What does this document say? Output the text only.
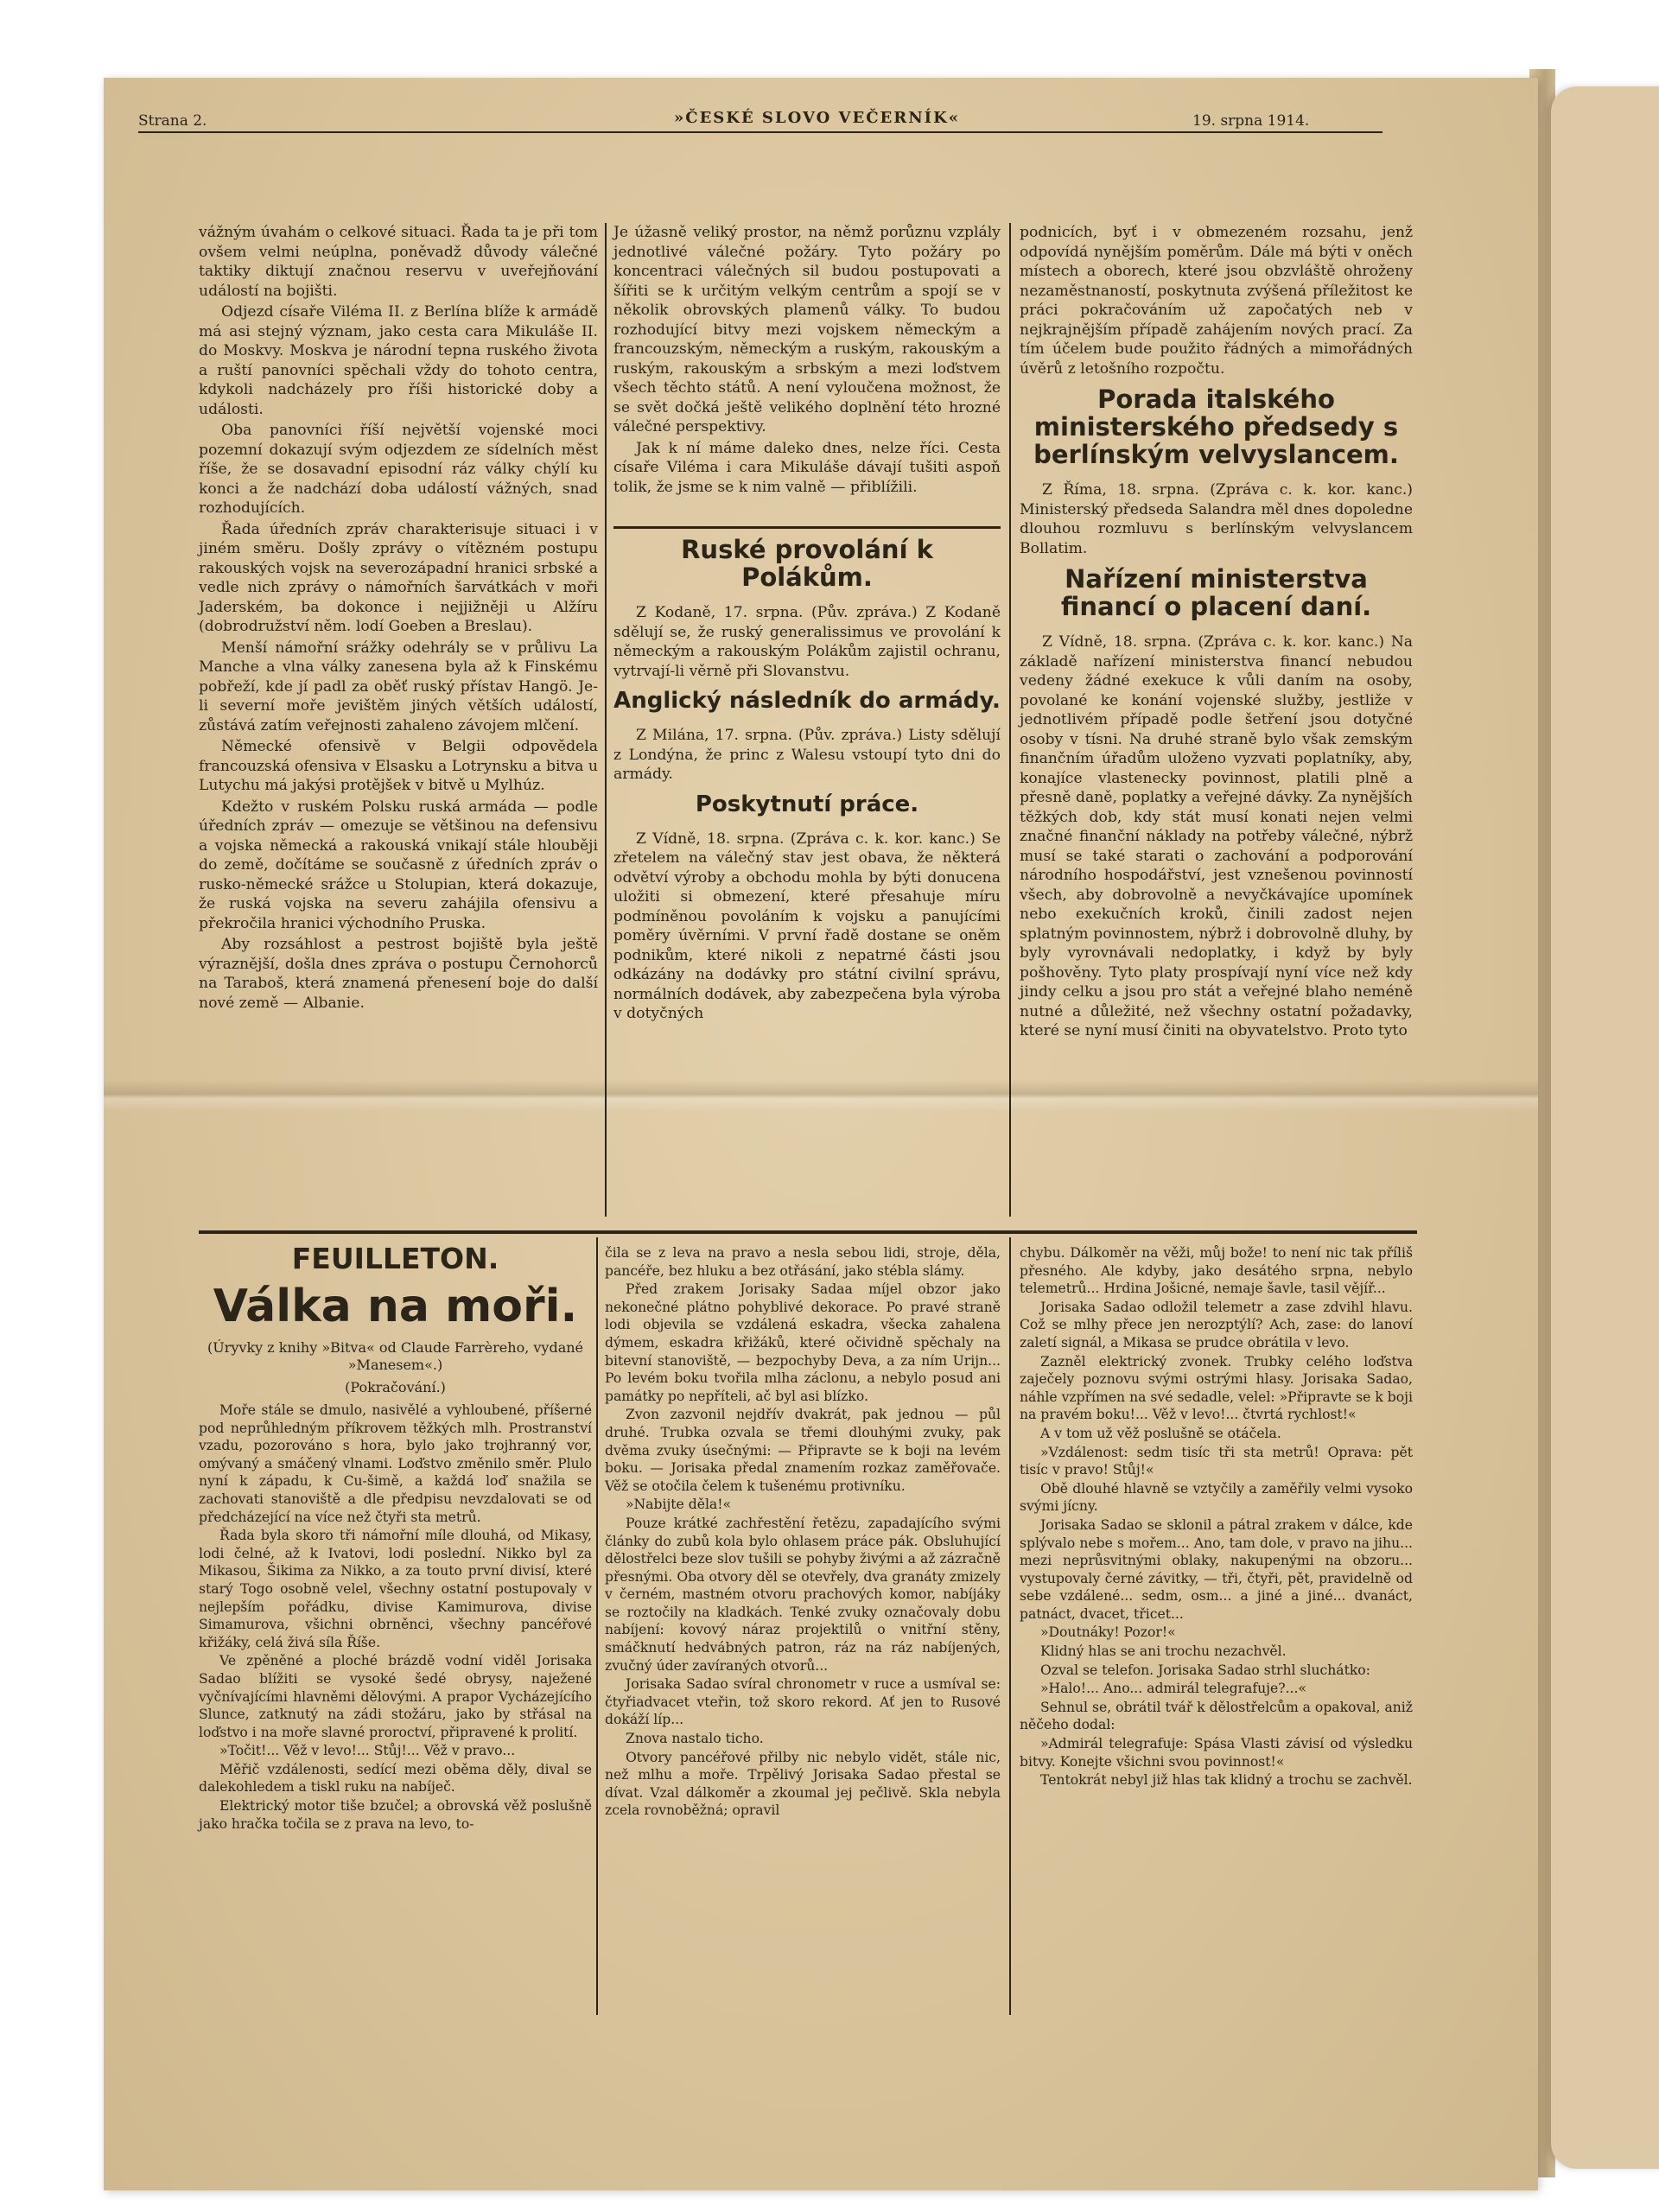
Strana 2.	»ČESKÉ SLOVO VEČERNÍK«	19. srpna 1914.

vážným úvahám o celkové situaci. Řada ta je při tom ovšem velmi neúplna, poněvadž důvody válečné taktiky diktují značnou reservu v uveřejňování událostí na bojišti.

Odjezd císaře Viléma II. z Berlína blíže k armádě má asi stejný význam, jako cesta cara Mikuláše II. do Moskvy. Moskva je národní tepna ruského života a ruští panovníci spěchali vždy do tohoto centra, kdykoli nadcházely pro říši historické doby a události.

Oba panovníci říší největší vojenské moci pozemní dokazují svým odjezdem ze sídelních měst říše, že se dosavadní episodní ráz války chýlí ku konci a že nadchází doba událostí vážných, snad rozhodujících.

Řada úředních zpráv charakterisuje situaci i v jiném směru. Došly zprávy o vítězném postupu rakouských vojsk na severozápadní hranici srbské a vedle nich zprávy o námořních šarvátkách v moři Jaderském, ba dokonce i nejjižněji u Alžíru (dobrodružství něm. lodí Goeben a Breslau).

Menší námořní srážky odehrály se v průlivu La Manche a vlna války zanesena byla až k Finskému pobřeží, kde jí padl za oběť ruský přístav Hangö. Je-li severní moře jevištěm jiných větších událostí, zůstává zatím veřejnosti zahaleno závojem mlčení.

Německé ofensivě v Belgii odpovědela francouzská ofensiva v Elsasku a Lotrynsku a bitva u Lutychu má jakýsi protějšek v bitvě u Mylhúz.

Kdežto v ruském Polsku ruská armáda — podle úředních zpráv — omezuje se většinou na defensivu a vojska německá a rakouská vnikají stále hlouběji do země, dočítáme se současně z úředních zpráv o rusko-německé srážce u Stolupian, která dokazuje, že ruská vojska na severu zahájila ofensivu a překročila hranici východního Pruska.

Aby rozsáhlost a pestrost bojiště byla ještě výraznější, došla dnes zpráva o postupu Černohorců na Taraboš, která znamená přenesení boje do další nové země — Albanie.

Je úžasně veliký prostor, na němž porůznu vzplály jednotlivé válečné požáry. Tyto požáry po koncentraci válečných sil budou postupovati a šířiti se k určitým velkým centrům a spojí se v několik obrovských plamenů války. To budou rozhodující bitvy mezi vojskem německým a francouzským, německým a ruským, rakouským a ruským, rakouským a srbským a mezi loďstvem všech těchto států. A není vyloučena možnost, že se svět dočká ještě velikého doplnění této hrozné válečné perspektivy.

Jak k ní máme daleko dnes, nelze říci. Cesta císaře Viléma i cara Mikuláše dávají tušiti aspoň tolik, že jsme se k nim valně — přiblížili.

Ruské provolání k Polákům.

Z Kodaně, 17. srpna. (Pův. zpráva.) Z Kodaně sdělují se, že ruský generalissimus ve provolání k německým a rakouským Polákům zajistil ochranu, vytrvají-li věrně při Slovanstvu.

Anglický následník do armády.

Z Milána, 17. srpna. (Pův. zpráva.) Listy sdělují z Londýna, že princ z Walesu vstoupí tyto dni do armády.

Poskytnutí práce.

Z Vídně, 18. srpna. (Zpráva c. k. kor. kanc.) Se zřetelem na válečný stav jest obava, že některá odvětví výroby a obchodu mohla by býti donucena uložiti si obmezení, které přesahuje míru podmíněnou povoláním k vojsku a panujícími poměry úvěrními. V první řadě dostane se oněm podnikům, které nikoli z nepatrné části jsou odkázány na dodávky pro státní civilní správu, normálních dodávek, aby zabezpečena byla výroba v dotyčných

podnicích, byť i v obmezeném rozsahu, jenž odpovídá nynějším poměrům. Dále má býti v oněch místech a oborech, které jsou obzvláště ohroženy nezaměstnaností, poskytnuta zvýšená příležitost ke práci pokračováním už započatých neb v nejkrajnějším případě zahájením nových prací. Za tím účelem bude použito řádných a mimořádných úvěrů z letošního rozpočtu.

Porada italského ministerského předsedy s berlínským velvyslancem.

Z Říma, 18. srpna. (Zpráva c. k. kor. kanc.) Ministerský předseda Salandra měl dnes dopoledne dlouhou rozmluvu s berlínským velvyslancem Bollatim.

Nařízení ministerstva financí o placení daní.

Z Vídně, 18. srpna. (Zpráva c. k. kor. kanc.) Na základě nařízení ministerstva financí nebudou vedeny žádné exekuce k vůli daním na osoby, povolané ke konání vojenské služby, jestliže v jednotlivém případě podle šetření jsou dotyčné osoby v tísni. Na druhé straně bylo však zemským finančním úřadům uloženo vyzvati poplatníky, aby, konajíce vlastenecky povinnost, platili plně a přesně daně, poplatky a veřejné dávky. Za nynějších těžkých dob, kdy stát musí konati nejen velmi značné finanční náklady na potřeby válečné, nýbrž musí se také starati o zachování a podporování národního hospodářství, jest vznešenou povinností všech, aby dobrovolně a nevyčkávajíce upomínek nebo exekučních kroků, činili zadost nejen splatným povinnostem, nýbrž i dobrovolně dluhy, by byly vyrovnávali nedoplatky, i když by byly pošhověny. Tyto platy prospívají nyní více než kdy jindy celku a jsou pro stát a veřejné blaho neméně nutné a důležité, než všechny ostatní požadavky, které se nyní musí činiti na obyvatelstvo. Proto tyto

FEUILLETON.
Válka na moři.
(Úryvky z knihy »Bitva« od Claude Farrèreho, vydané »Manesem«.)
(Pokračování.)

Moře stále se dmulo, nasivělé a vyhloubené, příšerné pod neprůhledným příkrovem těžkých mlh. Prostranství vzadu, pozorováno s hora, bylo jako trojhranný vor, omývaný a smáčený vlnami. Loďstvo změnilo směr. Plulo nyní k západu, k Cu-šimě, a každá loď snažila se zachovati stanoviště a dle předpisu nevzdalovati se od předcházející na více než čtyři sta metrů.

Řada byla skoro tři námořní míle dlouhá, od Mikasy, lodi čelné, až k Ivatovi, lodi poslední. Nikko byl za Mikasou, Šikima za Nikko, a za touto první divisí, které starý Togo osobně velel, všechny ostatní postupovaly v nejlepším pořádku, divise Kamimurova, divise Simamurova, všichni obrněnci, všechny pancéřové křižáky, celá živá síla Říše.

Ve zpěněné a ploché brázdě vodní viděl Jorisaka Sadao blížiti se vysoké šedé obrysy, naježené vyčnívajícími hlavněmi dělovými. A prapor Vycházejícího Slunce, zatknutý na zádi stožáru, jako by střásal na loďstvo i na moře slavné proroctví, připravené k prolití.

»Točit!... Věž v levo!... Stůj!... Věž v pravo...

Měřič vzdálenosti, sedící mezi oběma děly, dival se dalekohledem a tiskl ruku na nabíječ.

Elektrický motor tiše bzučel; a obrovská věž poslušně jako hračka točila se z prava na levo, to-

čila se z leva na pravo a nesla sebou lidi, stroje, děla, pancéře, bez hluku a bez otřásání, jako stébla slámy.

Před zrakem Jorisaky Sadaa míjel obzor jako nekonečné plátno pohyblivé dekorace. Po pravé straně lodi objevila se vzdálená eskadra, všecka zahalena dýmem, eskadra křižáků, které očividně spěchaly na bitevní stanoviště, — bezpochyby Deva, a za ním Urijn... Po levém boku tvořila mlha záclonu, a nebylo posud ani památky po nepříteli, ač byl asi blízko.

Zvon zazvonil nejdřív dvakrát, pak jednou — půl druhé. Trubka ozvala se třemi dlouhými zvuky, pak dvěma zvuky úsečnými: — Připravte se k boji na levém boku. — Jorisaka předal znamením rozkaz zaměřovače. Věž se otočila čelem k tušenému protivníku.

»Nabijte děla!«

Pouze krátké zachřestění řetězu, zapadajícího svými články do zubů kola bylo ohlasem práce pák. Obsluhující dělostřelci beze slov tušili se pohyby živými a až zázračně přesnými. Oba otvory děl se otevřely, dva granáty zmizely v černém, mastném otvoru prachových komor, nabíjáky se roztočily na kladkách. Tenké zvuky označovaly dobu nabíjení: kovový náraz projektilů o vnitřní stěny, smáčknutí hedvábných patron, ráz na ráz nabíjených, zvučný úder zavíraných otvorů...

Jorisaka Sadao svíral chronometr v ruce a usmíval se: čtyřiadvacet vteřin, tož skoro rekord. Ať jen to Rusové dokáží líp...

Znova nastalo ticho.

Otvory pancéřové přilby nic nebylo vidět, stále nic, než mlhu a moře. Trpělivý Jorisaka Sadao přestal se dívat. Vzal dálkoměr a zkoumal jej pečlivě. Skla nebyla zcela rovnoběžná; opravil

chybu. Dálkoměr na věži, můj bože! to není nic tak příliš přesného. Ale kdyby, jako desátého srpna, nebylo telemetrů... Hrdina Jošicné, nemaje šavle, tasil vějíř...

Jorisaka Sadao odložil telemetr a zase zdvihl hlavu. Což se mlhy přece jen nerozptýlí? Ach, zase: do lanoví zaletí signál, a Mikasa se prudce obrátila v levo.

Zazněl elektrický zvonek. Trubky celého loďstva zaječely poznovu svými ostrými hlasy. Jorisaka Sadao, náhle vzpřímen na své sedadle, velel: »Připravte se k boji na pravém boku!... Věž v levo!... čtvrtá rychlost!«

A v tom už věž poslušně se otáčela.

»Vzdálenost: sedm tisíc tři sta metrů! Oprava: pět tisíc v pravo! Stůj!«

Obě dlouhé hlavně se vztyčily a zaměřily velmi vysoko svými jícny.

Jorisaka Sadao se sklonil a pátral zrakem v dálce, kde splývalo nebe s mořem... Ano, tam dole, v pravo na jihu... mezi neprůsvitnými oblaky, nakupenými na obzoru... vystupovaly černé závitky, — tři, čtyři, pět, pravidelně od sebe vzdálené... sedm, osm... a jiné a jiné... dvanáct, patnáct, dvacet, třicet...

»Doutnáky! Pozor!«

Klidný hlas se ani trochu nezachvěl.

Ozval se telefon. Jorisaka Sadao strhl sluchátko:

»Halo!... Ano... admirál telegrafuje?...«

Sehnul se, obrátil tvář k dělostřelcům a opakoval, aniž něčeho dodal:

»Admirál telegrafuje: Spása Vlasti závisí od výsledku bitvy. Konejte všichni svou povinnost!«

Tentokrát nebyl již hlas tak klidný a trochu se zachvěl.
